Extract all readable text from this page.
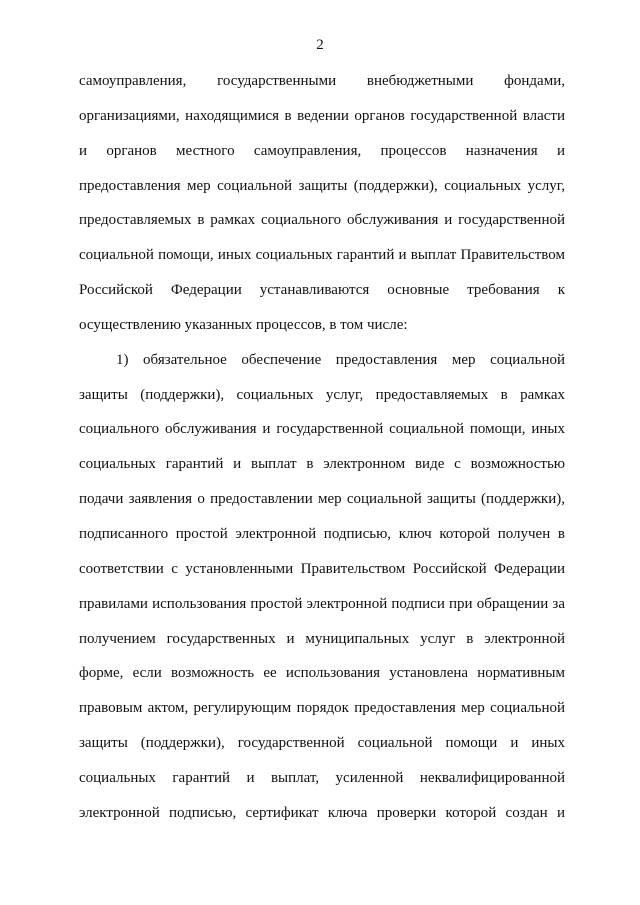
2
самоуправления, государственными внебюджетными фондами,
организациями, находящимися в ведении органов государственной власти
и органов местного самоуправления, процессов назначения и
предоставления мер социальной защиты (поддержки), социальных услуг,
предоставляемых в рамках социального обслуживания и государственной
социальной помощи, иных социальных гарантий и выплат Правительством
Российской Федерации устанавливаются основные требования к
осуществлению указанных процессов, в том числе:
1) обязательное обеспечение предоставления мер социальной
защиты (поддержки), социальных услуг, предоставляемых в рамках
социального обслуживания и государственной социальной помощи, иных
социальных гарантий и выплат в электронном виде с возможностью
подачи заявления о предоставлении мер социальной защиты (поддержки),
подписанного простой электронной подписью, ключ которой получен в
соответствии с установленными Правительством Российской Федерации
правилами использования простой электронной подписи при обращении за
получением государственных и муниципальных услуг в электронной
форме, если возможность ее использования установлена нормативным
правовым актом, регулирующим порядок предоставления мер социальной
защиты (поддержки), государственной социальной помощи и иных
социальных гарантий и выплат, усиленной неквалифицированной
электронной подписью, сертификат ключа проверки которой создан и
